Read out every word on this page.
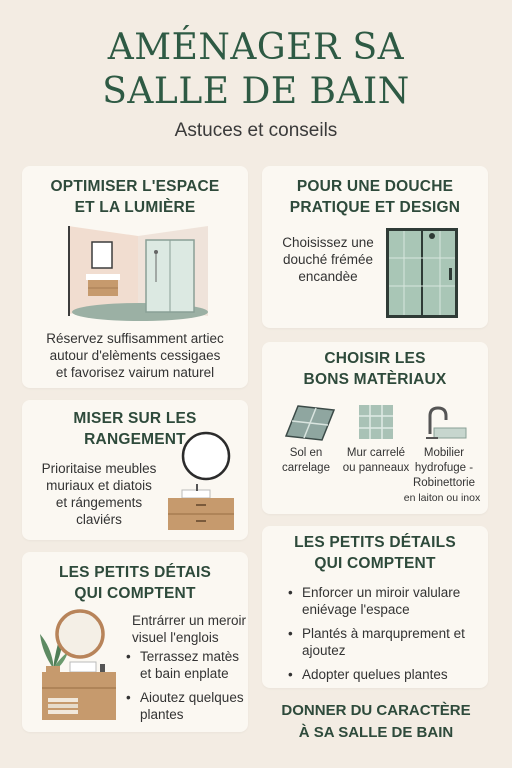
AMÉNAGER SA
SALLE DE BAIN
Astuces et conseils
OPTIMISER L'ESPACE
ET LA LUMIÈRE
Réservez suffisamment artiec
autour d'elèments cessigaes
et favorisez vairum naturel
POUR UNE DOUCHE
PRATIQUE ET DESIGN
Choisissez une
douché frémée
encandèe
MISER SUR LES
RANGEMENT
Prioritaise meubles
muriaux et diatois
et rángements
claviérs
CHOISIR LES
BONS MATÈRIAUX
Sol en
carrelage
Mur carrelé
ou panneaux
Mobilier
hydrofuge -
Robinettorie
en laiton ou inox
LES PETITS DÉTAIS
QUI COMPTENT
Entrárrer un meroir
visuel l'englois
• Terrassez matès et bain enplate
• Aioutez quelques plantes
LES PETITS DÉTAILS
QUI COMPTENT
• Enforcer un miroir valulare eniévage l'espace
• Plantés à marquprement et ajoutez
• Adopter quelues plantes
DONNER DU CARACTÈRE
À SA SALLE DE BAIN
